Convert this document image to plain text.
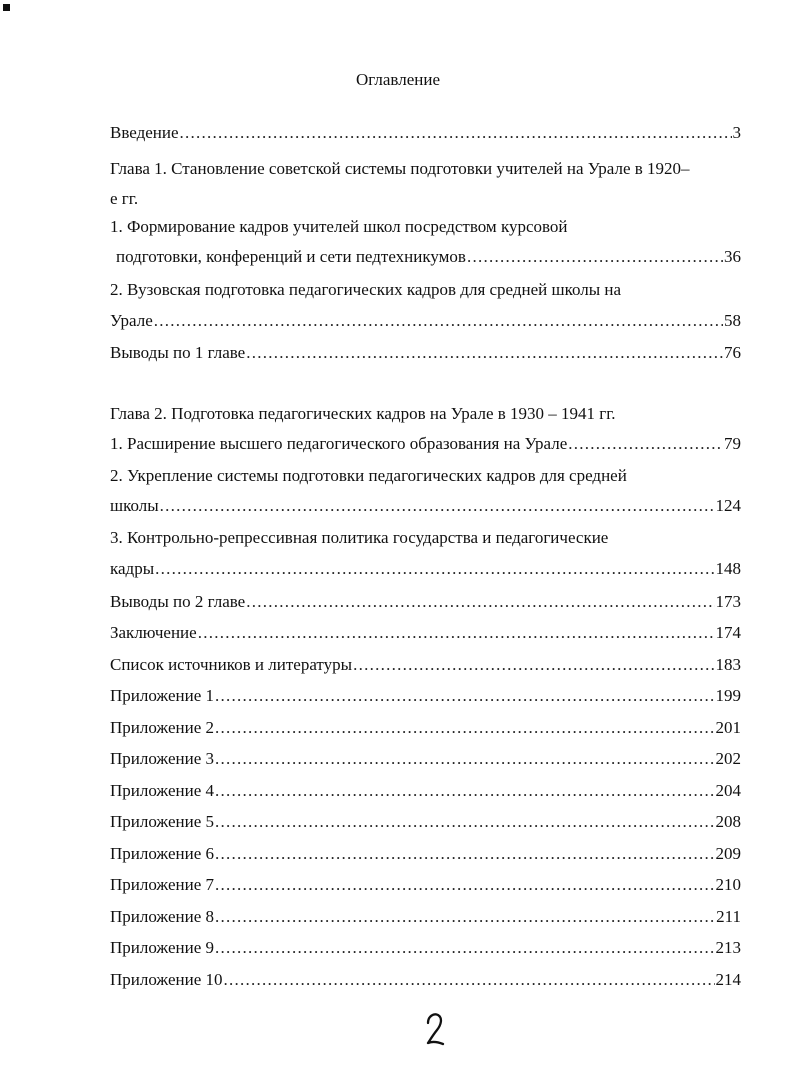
Оглавление
Введение . . .	3
Глава 1. Становление советской системы подготовки учителей на Урале в 1920–
е гг.
1. Формирование кадров учителей школ посредством курсовой
подготовки, конференций и сети педтехникумов . . .	36
2. Вузовская подготовка педагогических кадров для средней школы на
Урале . . .	58
Выводы по 1 главе . . .	76
Глава 2. Подготовка педагогических кадров на Урале в 1930 – 1941 гг.
1. Расширение высшего педагогического образования на Урале . . .	79
2. Укрепление системы подготовки педагогических кадров для средней
школы . . .	124
3. Контрольно-репрессивная политика государства и педагогические
кадры . . .	148
Выводы по 2 главе . . .	173
Заключение . . .	174
Список источников и литературы . . .	183
Приложение 1 . . .	199
Приложение 2 . . .	201
Приложение 3 . . .	202
Приложение 4 . . .	204
Приложение 5 . . .	208
Приложение 6 . . .	209
Приложение 7 . . .	210
Приложение 8 . . .	211
Приложение 9 . . .	213
Приложение 10 . . .	214
